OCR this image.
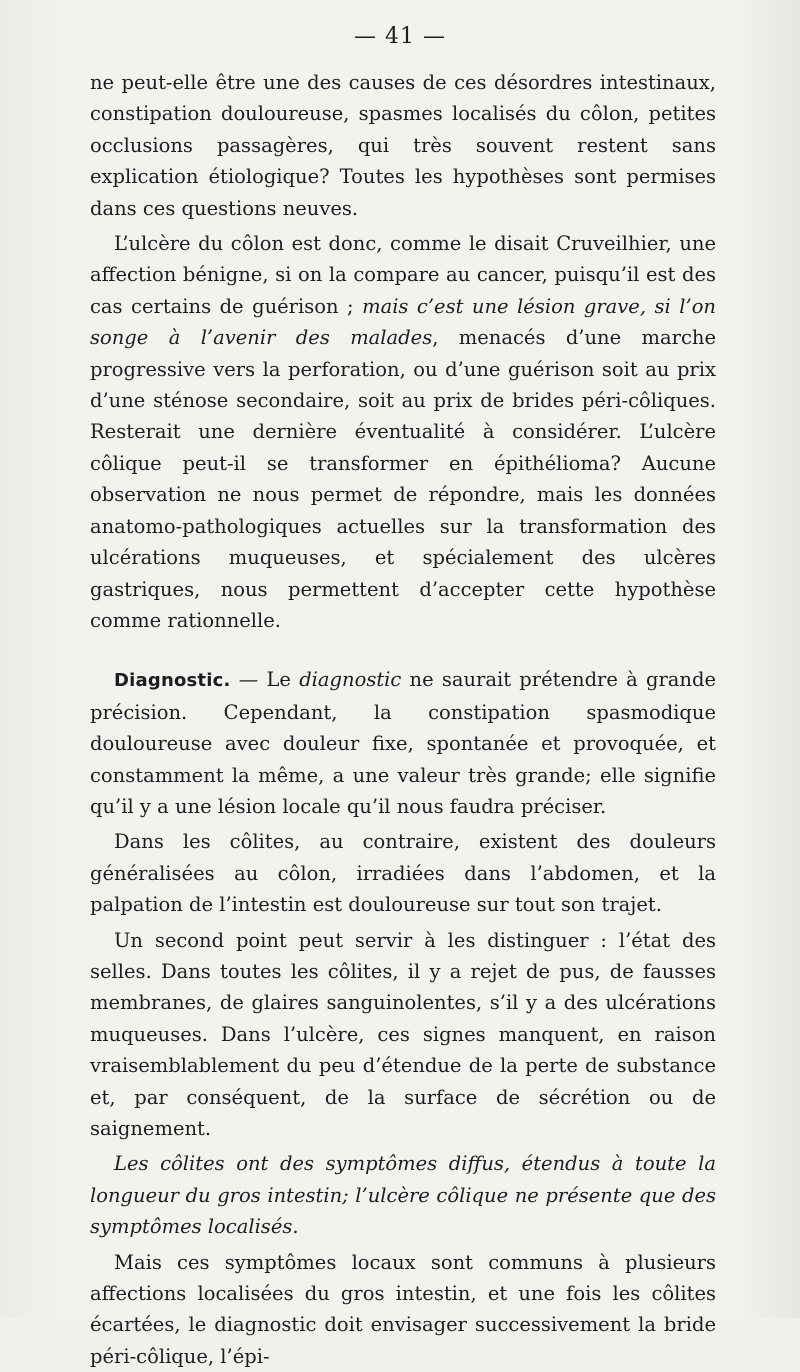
— 41 —

ne peut-elle être une des causes de ces désordres intestinaux, constipation douloureuse, spasmes localisés du côlon, petites occlusions passagères, qui très souvent restent sans explication étiologique? Toutes les hypothèses sont permises dans ces questions neuves.

L’ulcère du côlon est donc, comme le disait Cruveilhier, une affection bénigne, si on la compare au cancer, puisqu’il est des cas certains de guérison ; mais c’est une lésion grave, si l’on songe à l’avenir des malades, menacés d’une marche progressive vers la perforation, ou d’une guérison soit au prix d’une sténose secondaire, soit au prix de brides péri-côliques. Resterait une dernière éventualité à considérer. L’ulcère côlique peut-il se transformer en épithélioma? Aucune observation ne nous permet de répondre, mais les données anatomo-pathologiques actuelles sur la transformation des ulcérations muqueuses, et spécialement des ulcères gastriques, nous permettent d’accepter cette hypothèse comme rationnelle.

Diagnostic. — Le diagnostic ne saurait prétendre à grande précision. Cependant, la constipation spasmodique douloureuse avec douleur fixe, spontanée et provoquée, et constamment la même, a une valeur très grande; elle signifie qu’il y a une lésion locale qu’il nous faudra préciser.

Dans les côlites, au contraire, existent des douleurs généralisées au côlon, irradiées dans l’abdomen, et la palpation de l’intestin est douloureuse sur tout son trajet.

Un second point peut servir à les distinguer : l’état des selles. Dans toutes les côlites, il y a rejet de pus, de fausses membranes, de glaires sanguinolentes, s’il y a des ulcérations muqueuses. Dans l’ulcère, ces signes manquent, en raison vraisemblablement du peu d’étendue de la perte de substance et, par conséquent, de la surface de sécrétion ou de saignement.

Les côlites ont des symptômes diffus, étendus à toute la longueur du gros intestin; l’ulcère côlique ne présente que des symptômes localisés.

Mais ces symptômes locaux sont communs à plusieurs affections localisées du gros intestin, et une fois les côlites écartées, le diagnostic doit envisager successivement la bride péri-côlique, l’épi-
